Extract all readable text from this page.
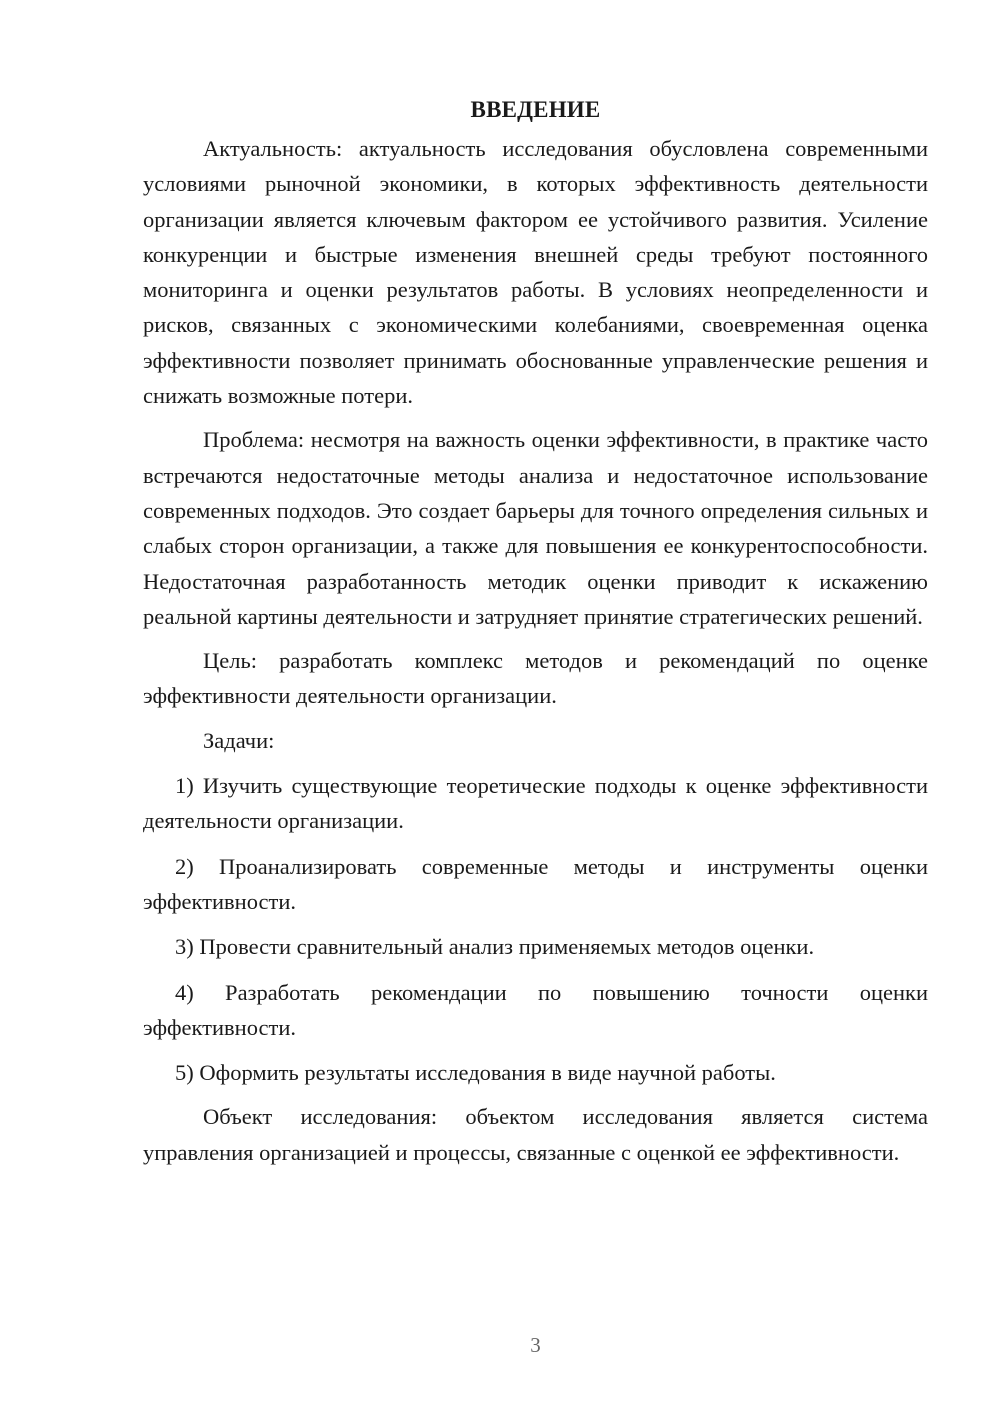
ВВЕДЕНИЕ

Актуальность: актуальность исследования обусловлена современными условиями рыночной экономики, в которых эффективность деятельности организации является ключевым фактором ее устойчивого развития. Усиление конкуренции и быстрые изменения внешней среды требуют постоянного мониторинга и оценки результатов работы. В условиях неопределенности и рисков, связанных с экономическими колебаниями, своевременная оценка эффективности позволяет принимать обоснованные управленческие решения и снижать возможные потери.

Проблема: несмотря на важность оценки эффективности, в практике часто встречаются недостаточные методы анализа и недостаточное использование современных подходов. Это создает барьеры для точного определения сильных и слабых сторон организации, а также для повышения ее конкурентоспособности. Недостаточная разработанность методик оценки приводит к искажению реальной картины деятельности и затрудняет принятие стратегических решений.

Цель: разработать комплекс методов и рекомендаций по оценке эффективности деятельности организации.

Задачи:

1) Изучить существующие теоретические подходы к оценке эффективности деятельности организации.

2) Проанализировать современные методы и инструменты оценки эффективности.

3) Провести сравнительный анализ применяемых методов оценки.

4) Разработать рекомендации по повышению точности оценки эффективности.

5) Оформить результаты исследования в виде научной работы.

Объект исследования: объектом исследования является система управления организацией и процессы, связанные с оценкой ее эффективности.

3
